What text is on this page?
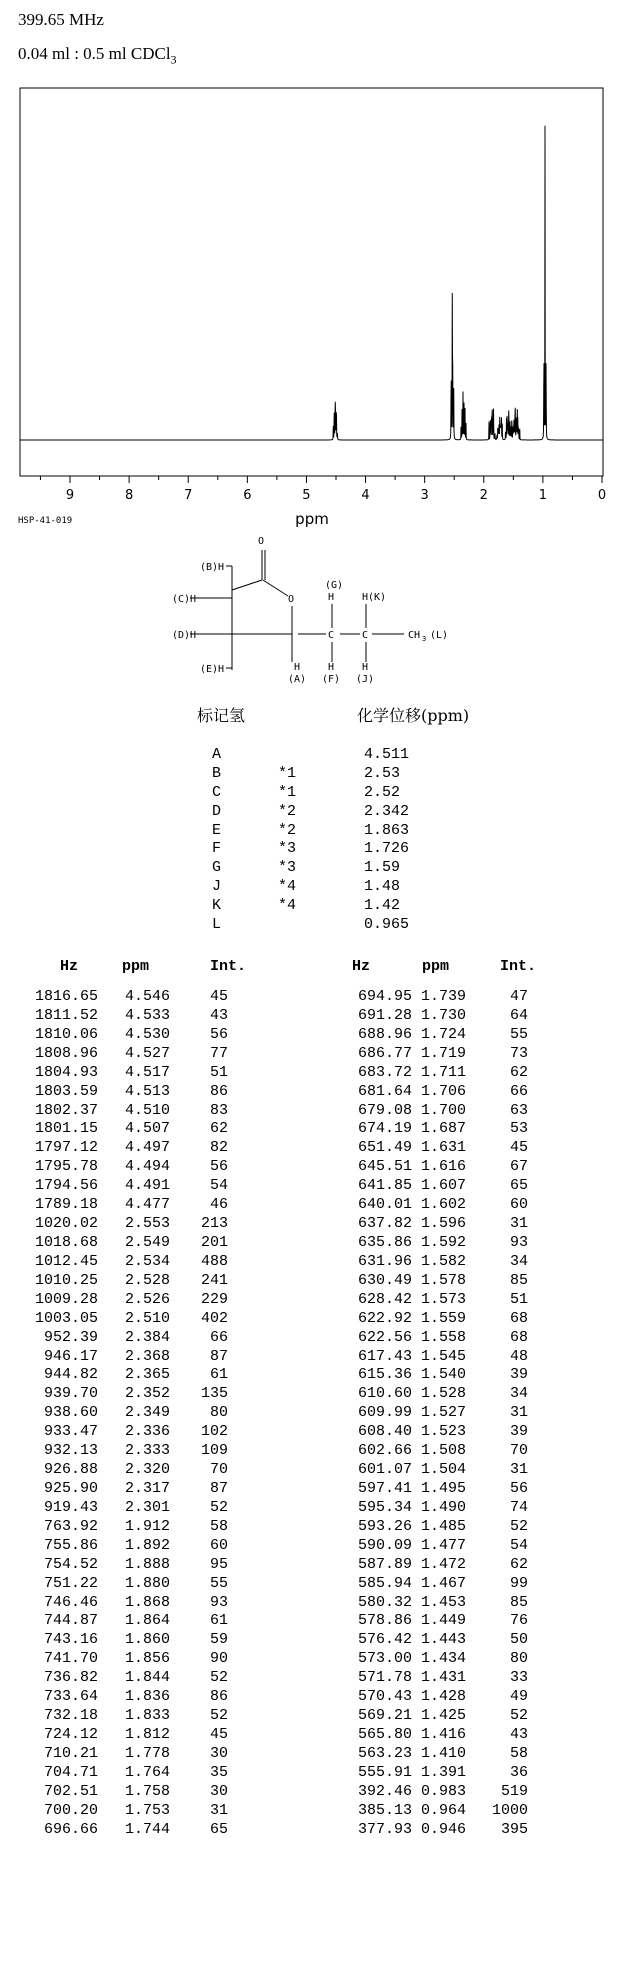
399.65 MHz
0.04 ml : 0.5 ml CDCl$_3$
9	8	7	6	5	4	3	2	1	0
ppm
HSP-41-019
O
(B)H
(G)
H	H(K)
(C)H	O
(D)H	C	C	CH 3 (L)
(E)H	H	H	H
(A) (F) (J)
标记氢	化学位移(ppm)
A	4.511
B	*1	2.53
C	*1	2.52
D	*2	2.342
E	*2	1.863
F	*3	1.726
G	*3	1.59
J	*4	1.48
K	*4	1.42
L	0.965
Hz	ppm	Int.	Hz	ppm	Int.
1816.65 4.546	45	694.95 1.739	47
1811.52 4.533	43	691.28 1.730	64
1810.06 4.530	56	688.96 1.724	55
1808.96 4.527	77	686.77 1.719	73
1804.93 4.517	51	683.72 1.711	62
1803.59 4.513	86	681.64 1.706	66
1802.37 4.510	83	679.08 1.700	63
1801.15 4.507	62	674.19 1.687	53
1797.12 4.497	82	651.49 1.631	45
1795.78 4.494	56	645.51 1.616	67
1794.56 4.491	54	641.85 1.607	65
1789.18 4.477	46	640.01 1.602	60
1020.02 2.553 213	637.82 1.596	31
1018.68 2.549 201	635.86 1.592	93
1012.45 2.534 488	631.96 1.582	34
1010.25 2.528 241	630.49 1.578	85
1009.28 2.526 229	628.42 1.573	51
1003.05 2.510 402	622.92 1.559	68
952.39 2.384	66	622.56 1.558	68
946.17 2.368	87	617.43 1.545	48
944.82 2.365	61	615.36 1.540	39
939.70 2.352 135	610.60 1.528	34
938.60 2.349	80	609.99 1.527	31
933.47 2.336 102	608.40 1.523	39
932.13 2.333 109	602.66 1.508	70
926.88 2.320	70	601.07 1.504	31
925.90 2.317	87	597.41 1.495	56
919.43 2.301	52	595.34 1.490	74
763.92 1.912	58	593.26 1.485	52
755.86 1.892	60	590.09 1.477	54
754.52 1.888	95	587.89 1.472	62
751.22 1.880	55	585.94 1.467	99
746.46 1.868	93	580.32 1.453	85
744.87 1.864	61	578.86 1.449	76
743.16 1.860	59	576.42 1.443	50
741.70 1.856	90	573.00 1.434	80
736.82 1.844	52	571.78 1.431	33
733.64 1.836	86	570.43 1.428	49
732.18 1.833	52	569.21 1.425	52
724.12 1.812	45	565.80 1.416	43
710.21 1.778	30	563.23 1.410	58
704.71 1.764	35	555.91 1.391	36
702.51 1.758	30	392.46 0.983 519
700.20 1.753	31	385.13 0.964 1000
696.66 1.744	65	377.93 0.946 395
